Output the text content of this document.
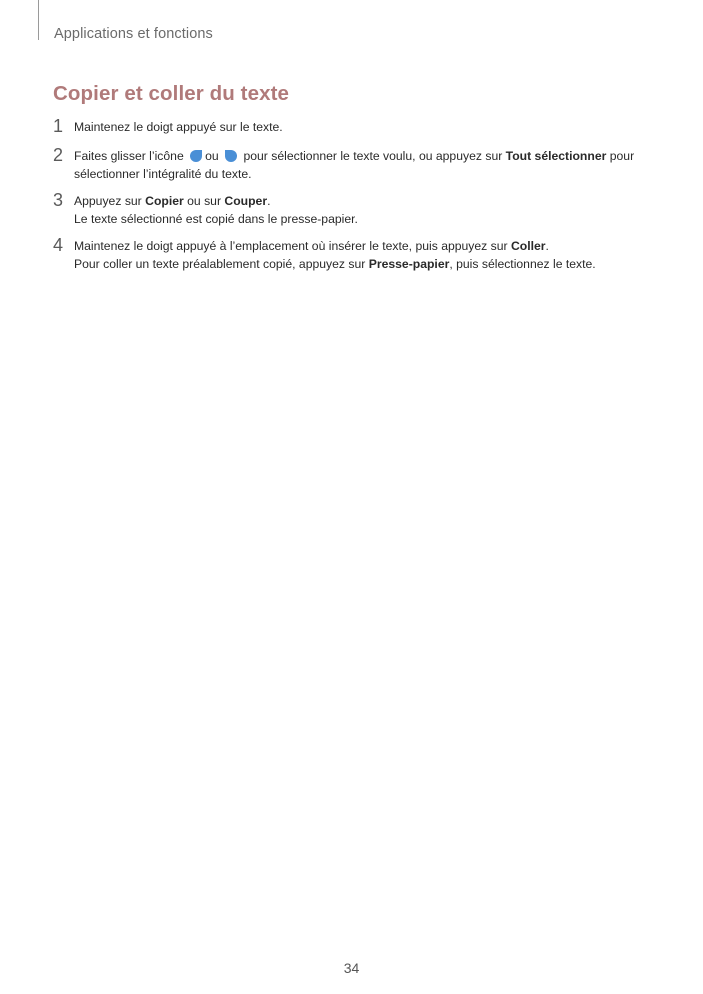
Applications et fonctions
Copier et coller du texte
1 Maintenez le doigt appuyé sur le texte.
2 Faites glisser l’icône ou pour sélectionner le texte voulu, ou appuyez sur Tout sélectionner pour
sélectionner l’intégralité du texte.
3 Appuyez sur Copier ou sur Couper.
Le texte sélectionné est copié dans le presse-papier.
4 Maintenez le doigt appuyé à l’emplacement où insérer le texte, puis appuyez sur Coller.
Pour coller un texte préalablement copié, appuyez sur Presse-papier, puis sélectionnez le texte.
34
